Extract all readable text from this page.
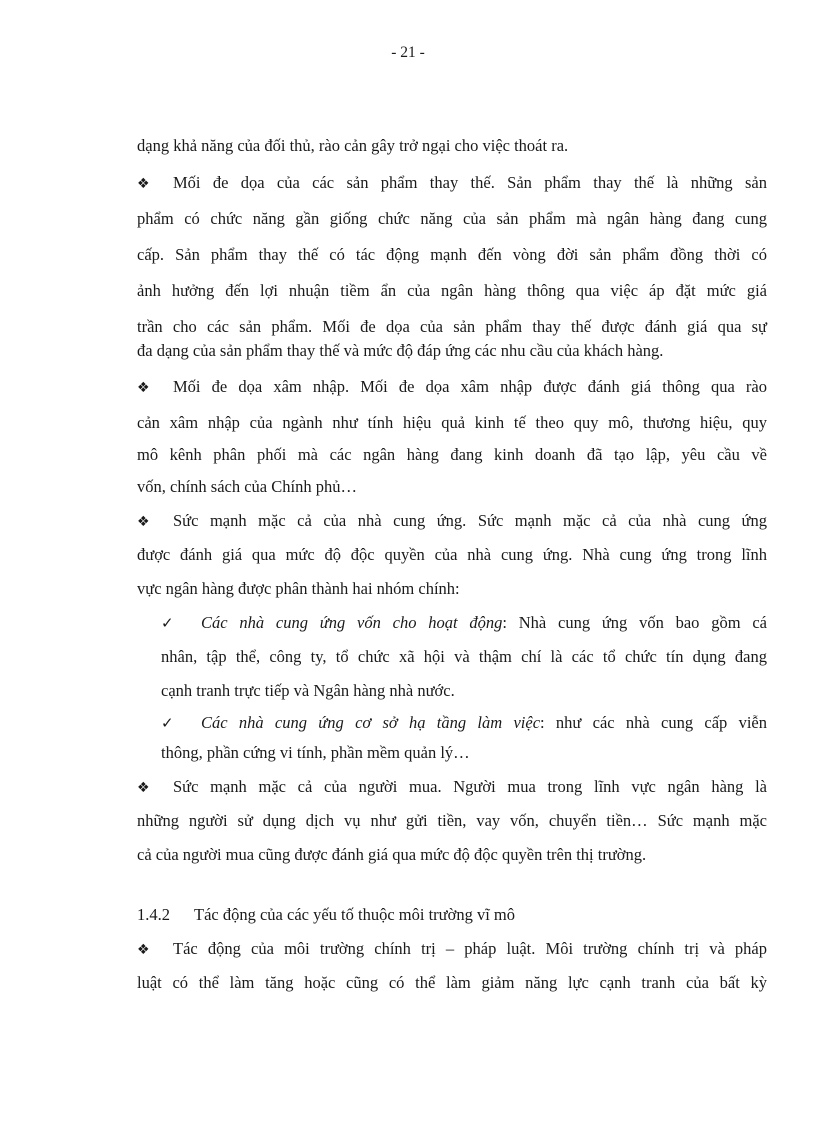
- 21 -
dạng khả năng của đối thủ, rào cản gây trở ngại cho việc thoát ra.
❖ Mối đe dọa của các sản phẩm thay thế. Sản phẩm thay thế là những sản
phẩm có chức năng gần giống chức năng của sản phẩm mà ngân hàng đang cung
cấp. Sản phẩm thay thế có tác động mạnh đến vòng đời sản phẩm đồng thời có
ảnh hưởng đến lợi nhuận tiềm ẩn của ngân hàng thông qua việc áp đặt mức giá
trần cho các sản phẩm. Mối đe dọa của sản phẩm thay thế được đánh giá qua sự
đa dạng của sản phẩm thay thế và mức độ đáp ứng các nhu cầu của khách hàng.
❖ Mối đe dọa xâm nhập. Mối đe dọa xâm nhập được đánh giá thông qua rào
cản xâm nhập của ngành như tính hiệu quả kinh tế theo quy mô, thương hiệu, quy
mô kênh phân phối mà các ngân hàng đang kinh doanh đã tạo lập, yêu cầu về
vốn, chính sách của Chính phủ…
❖ Sức mạnh mặc cả của nhà cung ứng. Sức mạnh mặc cả của nhà cung ứng
được đánh giá qua mức độ độc quyền của nhà cung ứng. Nhà cung ứng trong lĩnh
vực ngân hàng được phân thành hai nhóm chính:
✓ Các nhà cung ứng vốn cho hoạt động: Nhà cung ứng vốn bao gồm cá
nhân, tập thể, công ty, tổ chức xã hội và thậm chí là các tổ chức tín dụng đang
cạnh tranh trực tiếp và Ngân hàng nhà nước.
✓ Các nhà cung ứng cơ sở hạ tầng làm việc: như các nhà cung cấp viễn
thông, phần cứng vi tính, phần mềm quản lý…
❖ Sức mạnh mặc cả của người mua. Người mua trong lĩnh vực ngân hàng là
những người sử dụng dịch vụ như gửi tiền, vay vốn, chuyển tiền… Sức mạnh mặc
cả của người mua cũng được đánh giá qua mức độ độc quyền trên thị trường.
1.4.2 Tác động của các yếu tố thuộc môi trường vĩ mô
❖ Tác động của môi trường chính trị – pháp luật. Môi trường chính trị và pháp
luật có thể làm tăng hoặc cũng có thể làm giảm năng lực cạnh tranh của bất kỳ
